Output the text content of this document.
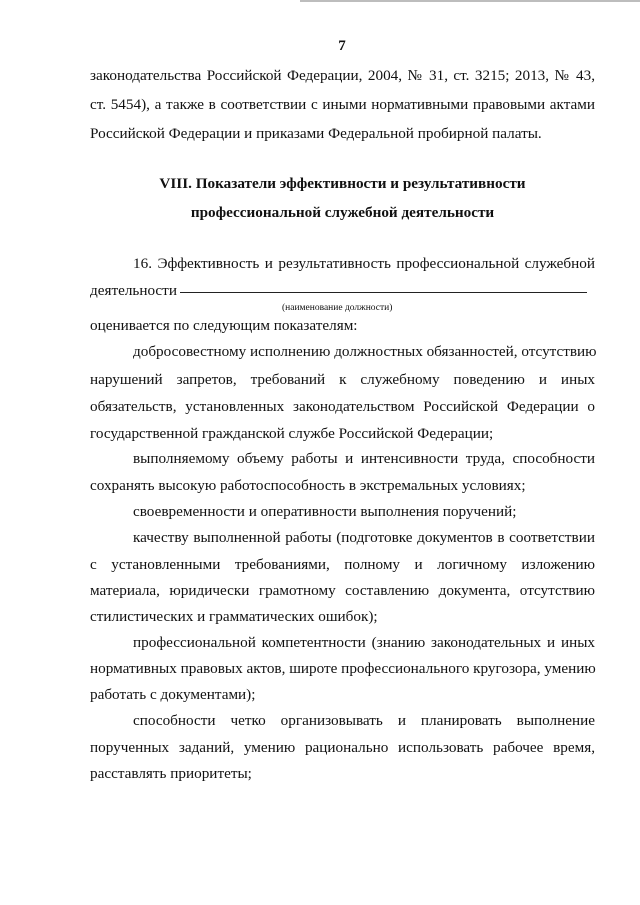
7
законодательства Российской Федерации, 2004, № 31, ст. 3215; 2013, № 43,
ст. 5454), а также в соответствии с иными нормативными правовыми актами
Российской Федерации и приказами Федеральной пробирной палаты.
VIII. Показатели эффективности и результативности
профессиональной служебной деятельности
16. Эффективность и результативность профессиональной служебной
деятельности
(наименование должности)
оценивается по следующим показателям:
добросовестному исполнению должностных обязанностей, отсутствию
нарушений запретов, требований к служебному поведению и иных
обязательств, установленных законодательством Российской Федерации о
государственной гражданской службе Российской Федерации;
выполняемому объему работы и интенсивности труда, способности
сохранять высокую работоспособность в экстремальных условиях;
своевременности и оперативности выполнения поручений;
качеству выполненной работы (подготовке документов в соответствии
с установленными требованиями, полному и логичному изложению
материала, юридически грамотному составлению документа, отсутствию
стилистических и грамматических ошибок);
профессиональной компетентности (знанию законодательных и иных
нормативных правовых актов, широте профессионального кругозора, умению
работать с документами);
способности четко организовывать и планировать выполнение
порученных заданий, умению рационально использовать рабочее время,
расставлять приоритеты;
